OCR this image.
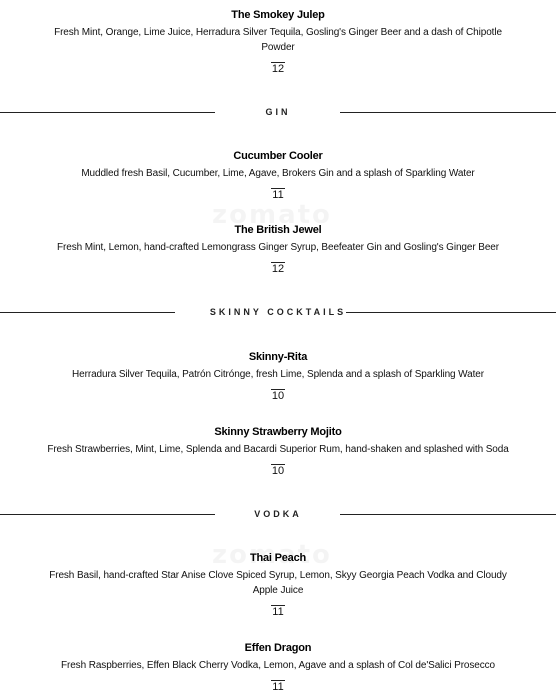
The Smokey Julep
Fresh Mint, Orange, Lime Juice, Herradura Silver Tequila, Gosling's Ginger Beer and a dash of Chipotle Powder
12
GIN
Cucumber Cooler
Muddled fresh Basil, Cucumber, Lime, Agave, Brokers Gin and a splash of Sparkling Water
11
The British Jewel
Fresh Mint, Lemon, hand-crafted Lemongrass Ginger Syrup, Beefeater Gin and Gosling's Ginger Beer
12
SKINNY COCKTAILS
Skinny-Rita
Herradura Silver Tequila, Patrón Citrónge, fresh Lime, Splenda and a splash of Sparkling Water
10
Skinny Strawberry Mojito
Fresh Strawberries, Mint, Lime, Splenda and Bacardi Superior Rum, hand-shaken and splashed with Soda
10
VODKA
Thai Peach
Fresh Basil, hand-crafted Star Anise Clove Spiced Syrup, Lemon, Skyy Georgia Peach Vodka and Cloudy Apple Juice
11
Effen Dragon
Fresh Raspberries, Effen Black Cherry Vodka, Lemon, Agave and a splash of Col de'Salici Prosecco
11
